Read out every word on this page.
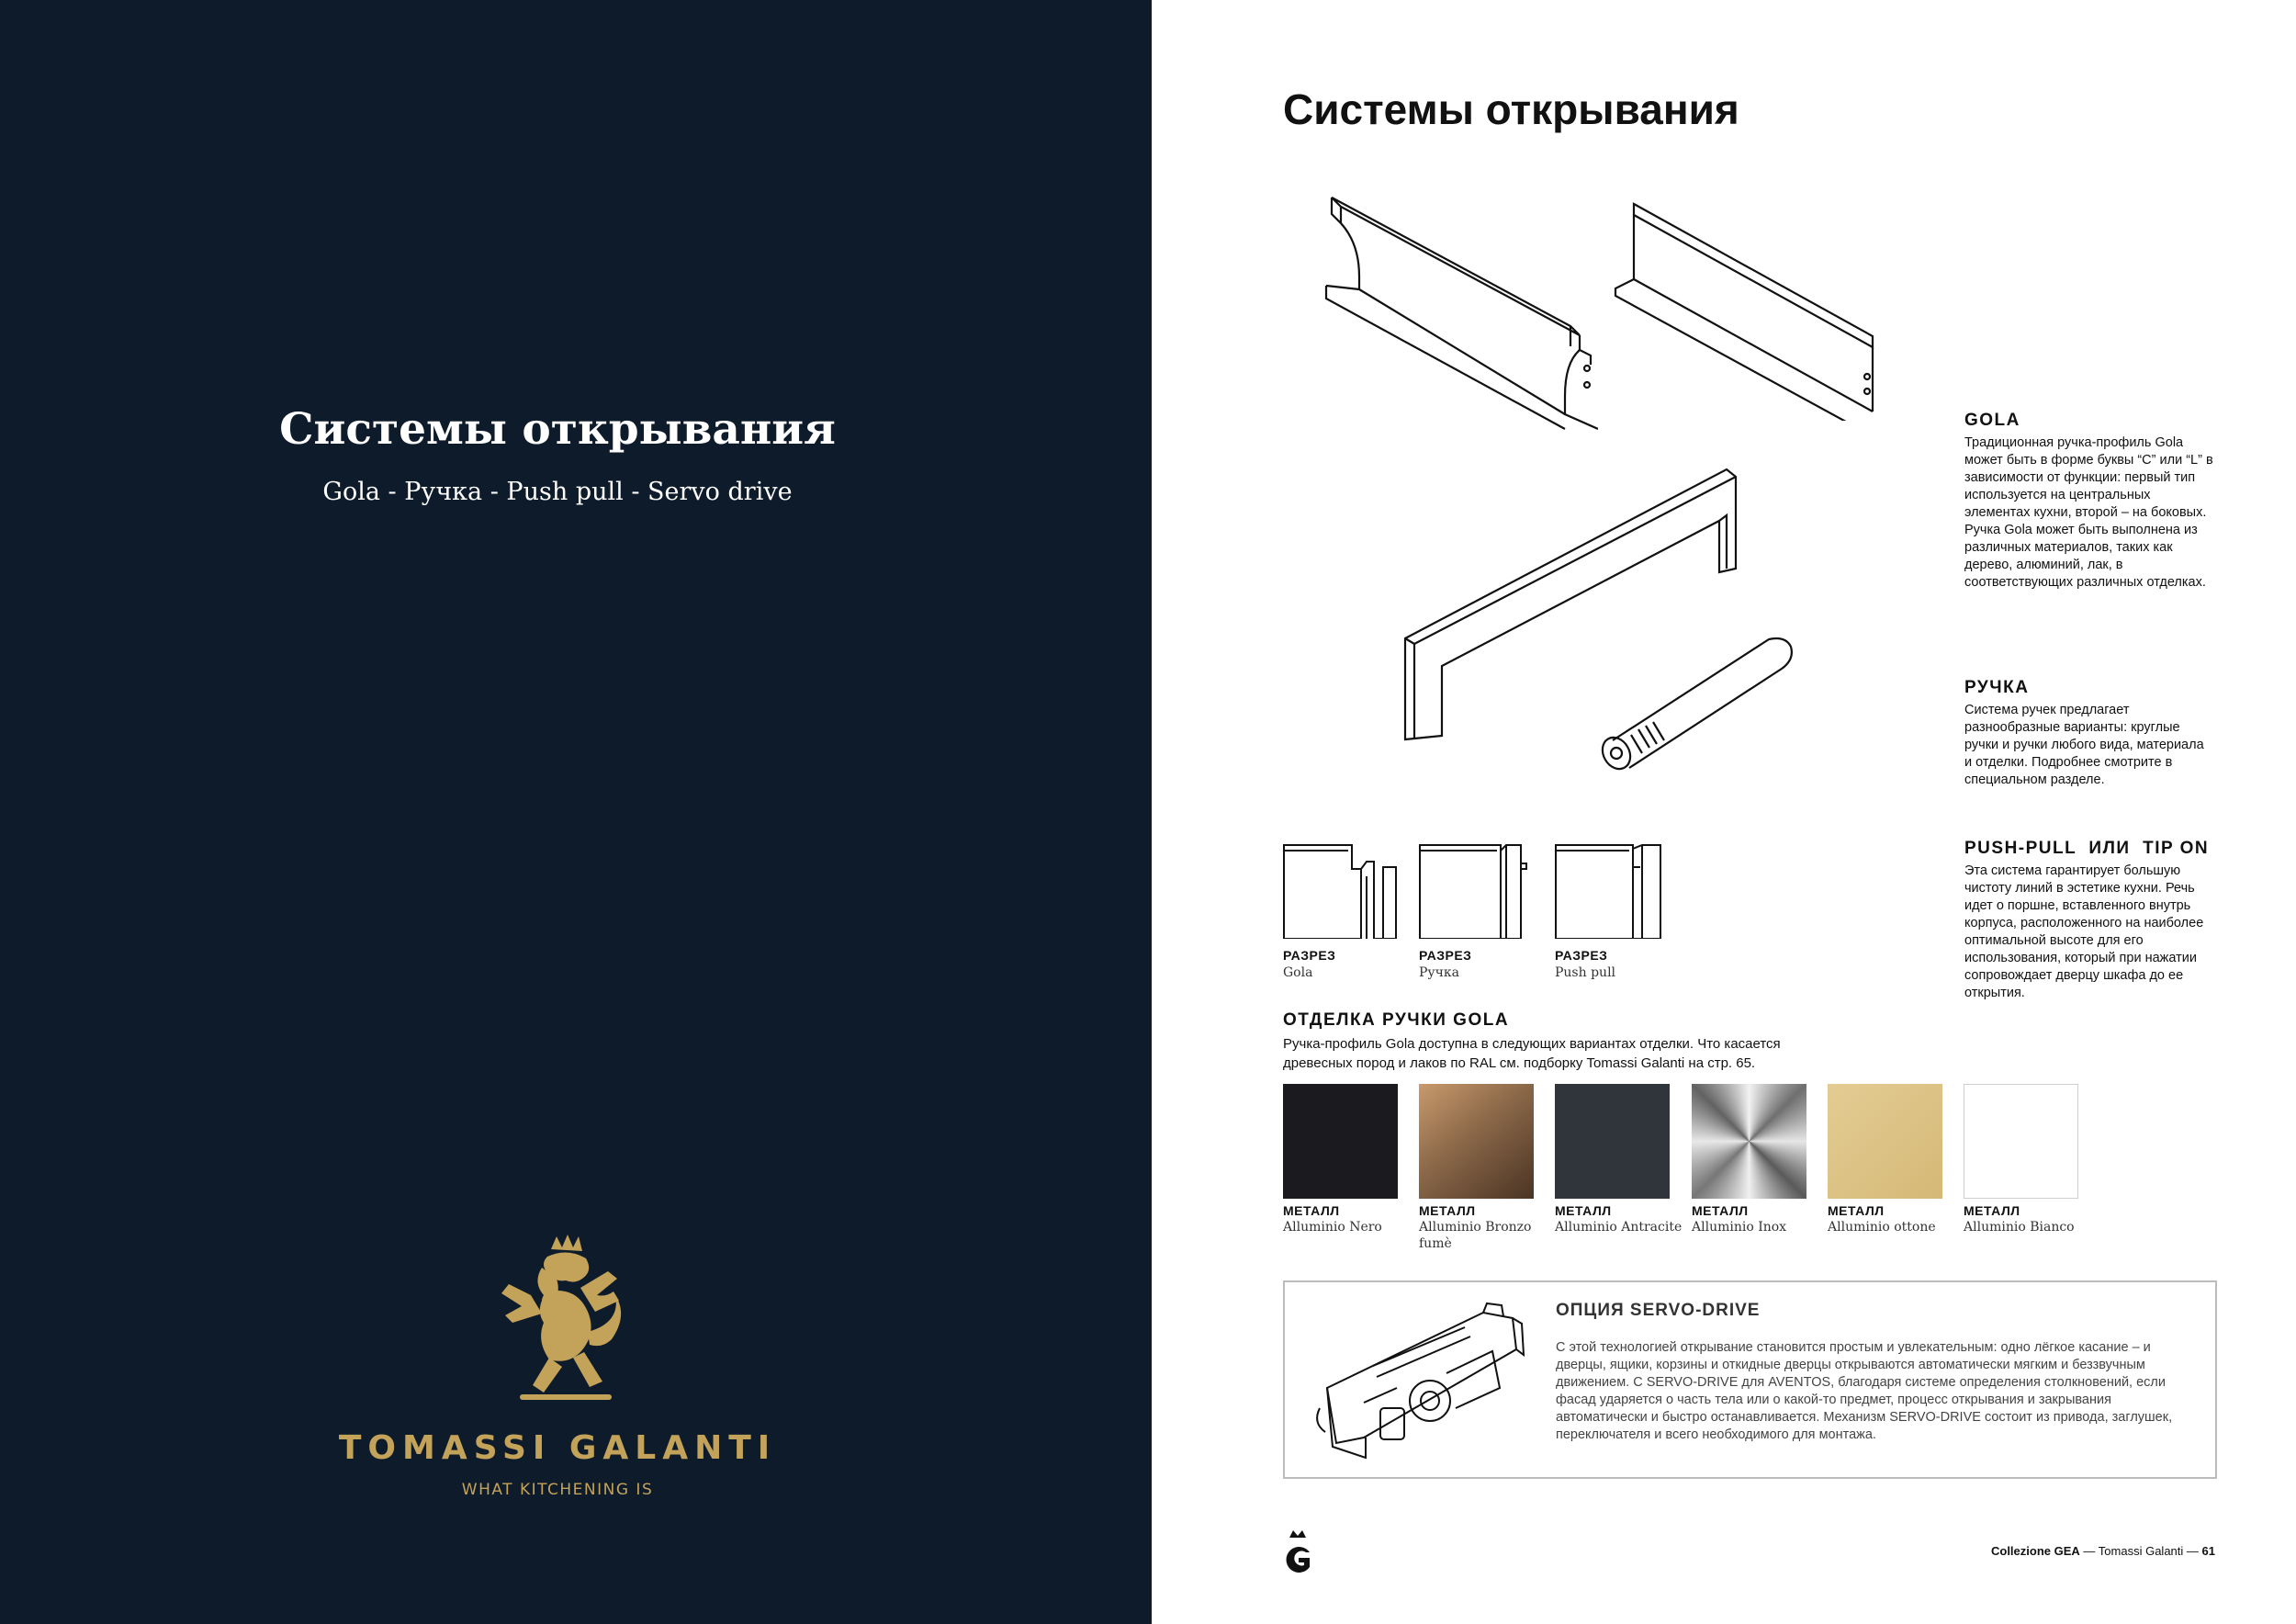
Системы открывания
Gola - Ручка - Push pull - Servo drive
TOMASSI GALANTI
WHAT KITCHENING IS
Системы открывания
РАЗРЕЗ
Gola
РАЗРЕЗ
Ручка
РАЗРЕЗ
Push pull
GOLA
Традиционная ручка-профиль Gola может быть в форме буквы “C” или “L” в зависимости от функции: первый тип используется на центральных элементах кухни, второй – на боковых. Ручка Gola может быть выполнена из различных материалов, таких как дерево, алюминий, лак, в соответствующих различных отделках.
РУЧКА
Система ручек предлагает разнообразные варианты: круглые ручки и ручки любого вида, материала и отделки. Подробнее смотрите в специальном разделе.
PUSH-PULL  ИЛИ  TIP ON
Эта система гарантирует большую чистоту линий в эстетике кухни. Речь идет о поршне, вставленного внутрь корпуса, расположенного на наиболее оптимальной высоте для его использования, который при нажатии сопровождает дверцу шкафа до ее открытия.
ОТДЕЛКА РУЧКИ GOLA
Ручка-профиль Gola доступна в следующих вариантах отделки. Что касается древесных пород и лаков по RAL см. подборку Tomassi Galanti на стр. 65.
МЕТАЛЛ
Alluminio Nero
МЕТАЛЛ
Alluminio Bronzo fumè
МЕТАЛЛ
Alluminio Antracite
МЕТАЛЛ
Alluminio Inox
МЕТАЛЛ
Alluminio ottone
МЕТАЛЛ
Alluminio Bianco
ОПЦИЯ SERVO-DRIVE
С этой технологией открывание становится простым и увлекательным: одно лёгкое касание – и дверцы, ящики, корзины и откидные дверцы открываются автоматически мягким и беззвучным движением. С SERVO-DRIVE для AVENTOS, благодаря системе определения столкновений, если фасад ударяется о часть тела или о какой-то предмет, процесс открывания и закрывания автоматически и быстро останавливается. Механизм SERVO-DRIVE состоит из привода, заглушек, переключателя и всего необходимого для монтажа.
Collezione GEA — Tomassi Galanti — 61
